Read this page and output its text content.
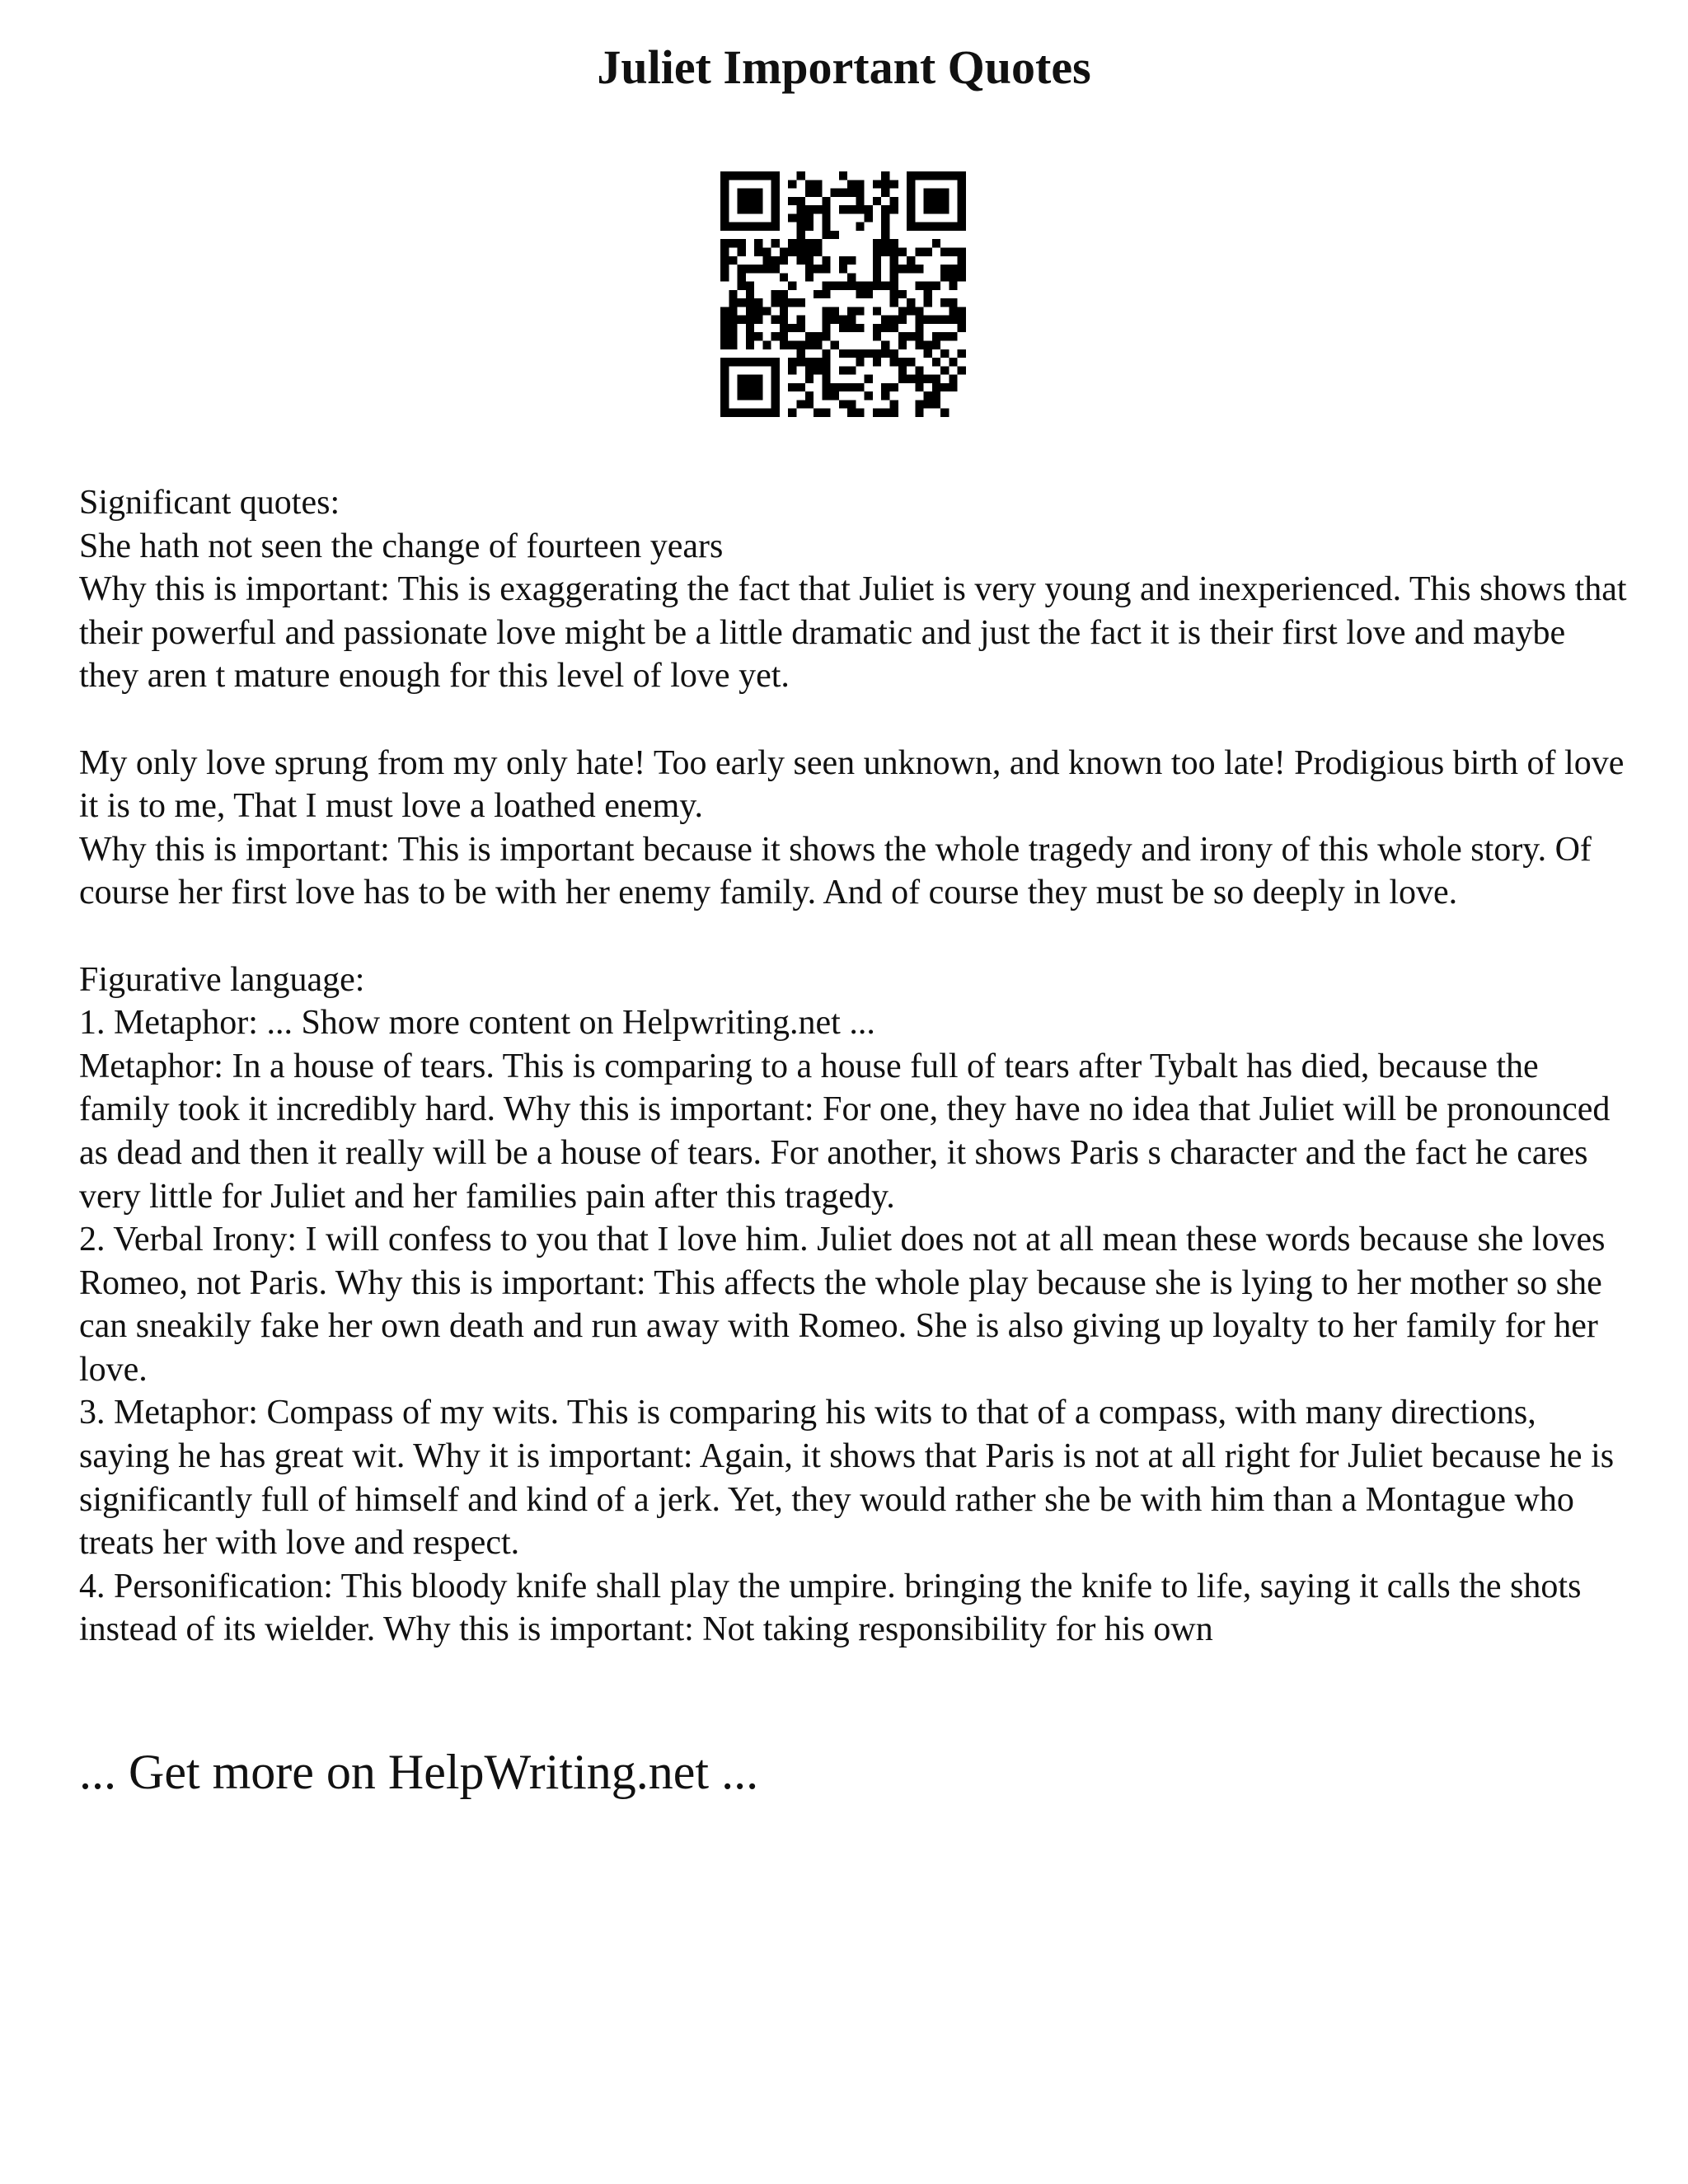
Juliet Important Quotes

Significant quotes:

She hath not seen the change of fourteen years

Why this is important: This is exaggerating the fact that Juliet is very young and inexperienced. This shows that their powerful and passionate love might be a little dramatic and just the fact it is their first love and maybe they aren t mature enough for this level of love yet.

My only love sprung from my only hate! Too early seen unknown, and known too late! Prodigious birth of love it is to me, That I must love a loathed enemy.

Why this is important: This is important because it shows the whole tragedy and irony of this whole story. Of course her first love has to be with her enemy family. And of course they must be so deeply in love.

Figurative language:

1. Metaphor: ... Show more content on Helpwriting.net ...

Metaphor: In a house of tears. This is comparing to a house full of tears after Tybalt has died, because the family took it incredibly hard. Why this is important: For one, they have no idea that Juliet will be pronounced as dead and then it really will be a house of tears. For another, it shows Paris s character and the fact he cares very little for Juliet and her families pain after this tragedy.

2. Verbal Irony: I will confess to you that I love him. Juliet does not at all mean these words because she loves Romeo, not Paris. Why this is important: This affects the whole play because she is lying to her mother so she can sneakily fake her own death and run away with Romeo. She is also giving up loyalty to her family for her love.

3. Metaphor: Compass of my wits. This is comparing his wits to that of a compass, with many directions, saying he has great wit. Why it is important: Again, it shows that Paris is not at all right for Juliet because he is significantly full of himself and kind of a jerk. Yet, they would rather she be with him than a Montague who treats her with love and respect.

4. Personification: This bloody knife shall play the umpire. bringing the knife to life, saying it calls the shots instead of its wielder. Why this is important: Not taking responsibility for his own

... Get more on HelpWriting.net ...
